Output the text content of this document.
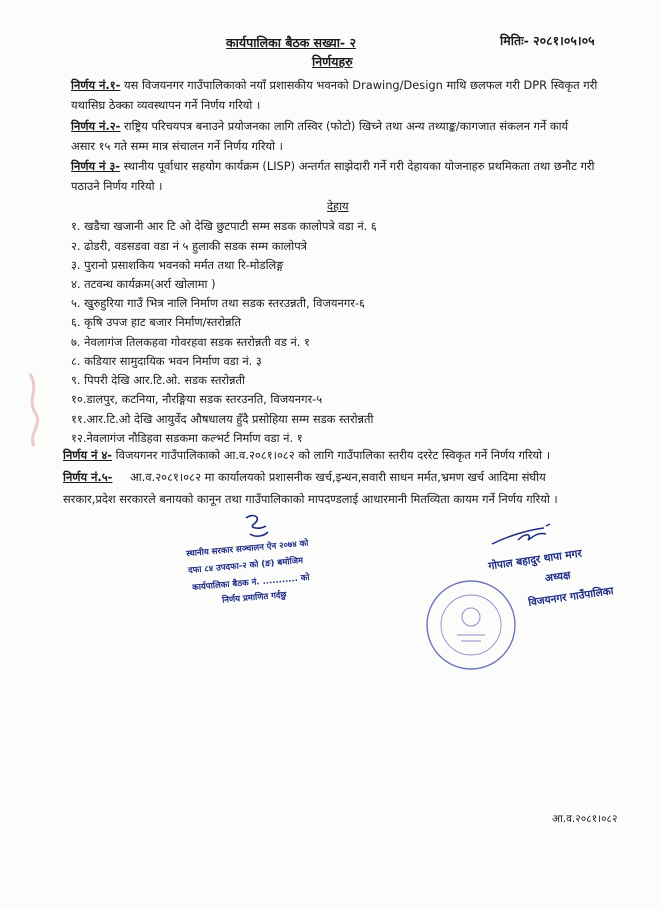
कार्यपालिका बैठक सख्या- २	मितिः- २०८१।०५।०५
निर्णयहरु
निर्णय नं.१- यस विजयनगर गाउँपालिकाको नयाँ प्रशासकीय भवनको Drawing/Design माथि छलफल गरी DPR स्विकृत गरी
यथासिघ्र ठेक्का व्यवस्थापन गर्ने निर्णय गरियो ।
निर्णय नं.२- राष्ट्रिय परिचयपत्र बनाउने प्रयोजनका लागि तस्विर (फोटो) खिच्ने तथा अन्य तथ्याङ्क/कागजात संकलन गर्ने कार्य
असार १५ गते सम्म मात्र संचालन गर्ने निर्णय गरियो ।
निर्णय नं ३- स्थानीय पूर्वाधार सहयोग कार्यक्रम (LISP) अन्तर्गत साझेदारी गर्ने गरी देहायका योजनाहरु प्रथमिकता तथा छनौट गरी
पठाउने निर्णय गरियो ।
देहाय
१. खडैचा खजानी आर टि ओ देखि छुटपाटी सम्म सडक कालोपत्रे वडा नं. ६
२. ढोडरी, वडसडवा वडा नं ५ हुलाकी सडक सम्म कालोपत्रे
३. पुरानो प्रसाशकिय भवनको मर्मत तथा रि-मोडलिङ्ग
४. तटवन्ध कार्यक्रम(अर्रा खोलामा )
५. खुरुहुरिया गाउँ भित्र नालि निर्माण तथा सडक स्तरउन्नती, विजयनगर-६
६. कृषि उपज हाट बजार निर्माण/स्तरोन्नति
७. नेवलागंज तिलकहवा गोवरहवा सडक स्तरोन्नती वड नं. १
८. कडियार सामुदायिक भवन निर्माण वडा नं. ३
९. पिपरी देखि आर.टि.ओ. सडक स्तरोन्नती
१०.डालपुर, कटनिया, नौरङ्गिया सडक स्तरउनति, विजयनगर-५
११.आर.टि.ओ देखि आयुर्वेद औषधालय हुँदै प्रसोहिया सम्म सडक स्तरोन्नती
१२.नेवलागंज नौडिहवा सडकमा कल्भर्ट निर्माण वडा नं. १
निर्णय नं ४- विजयगनर गाउँपालिकाको आ.व.२०८१।०८२ को लागि गाउँपालिका स्तरीय दररेट स्विकृत गर्ने निर्णय गरियो ।
निर्णय नं.५- आ.व.२०८१।०८२ मा कार्यालयको प्रशासनीक खर्च,इन्धन,सवारी साधन मर्मत,भ्रमण खर्च आदिमा संघीय
सरकार,प्रदेश सरकारले बनायको कानून तथा गाउँपालिकाको मापदण्डलाई आधारमानी मितव्यिता कायम गर्ने निर्णय गरियो ।
स्थानीय सरकार सञ्चालन ऐन २०७४ को
दफा ८४ उपदफा-२ को (ङ) बमोजिम
कार्यपालिका बैठक नं. ........... को
निर्णय प्रमाणित गर्दछु
गोपाल बहादुर थापा मगर
अध्यक्ष
विजयनगर गाउँपालिका
आ.व.२०८१।०८२
